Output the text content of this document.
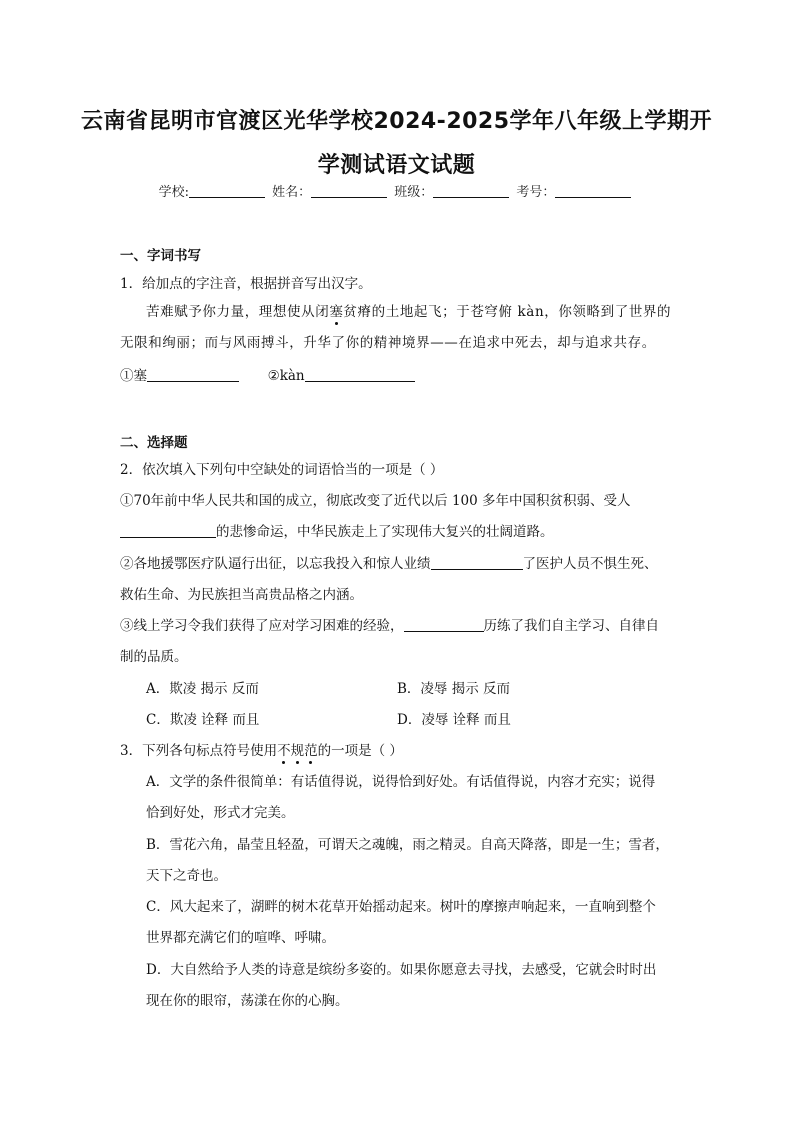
云南省昆明市官渡区光华学校2024-2025学年八年级上学期开
学测试语文试题
学校:	姓名：	班级：	考号：
一、字词书写
1．给加点的字注音，根据拼音写出汉字。
苦难赋予你力量，理想使从闭塞贫瘠的土地起飞；于苍穹俯 kàn，你领略到了世界的
无限和绚丽；而与风雨搏斗，升华了你的精神境界——在追求中死去，却与追求共存。
①塞	②kàn
二、选择题
2．依次填入下列句中空缺处的词语恰当的一项是（ ）
①70年前中华人民共和国的成立，彻底改变了近代以后 100 多年中国积贫积弱、受人
的悲惨命运，中华民族走上了实现伟大复兴的壮阔道路。
②各地援鄂医疗队逼行出征，以忘我投入和惊人业绩	了医护人员不惧生死、
救佑生命、为民族担当高贵品格之内涵。
③线上学习令我们获得了应对学习困难的经验，	历练了我们自主学习、自律自
制的品质。
A．欺凌 揭示 反而	B．凌辱 揭示 反而
C．欺凌 诠释 而且	D．凌辱 诠释 而且
3．下列各句标点符号使用不规范的一项是（ ）
A．文学的条件很简单：有话值得说，说得恰到好处。有话值得说，内容才充实；说得
恰到好处，形式才完美。
B．雪花六角，晶莹且轻盈，可谓天之魂魄，雨之精灵。自高天降落，即是一生；雪者，
天下之奇也。
C．风大起来了，湖畔的树木花草开始摇动起来。树叶的摩擦声响起来，一直响到整个
世界都充满它们的喧哗、呼啸。
D．大自然给予人类的诗意是缤纷多姿的。如果你愿意去寻找，去感受，它就会时时出
现在你的眼帘，荡漾在你的心胸。
